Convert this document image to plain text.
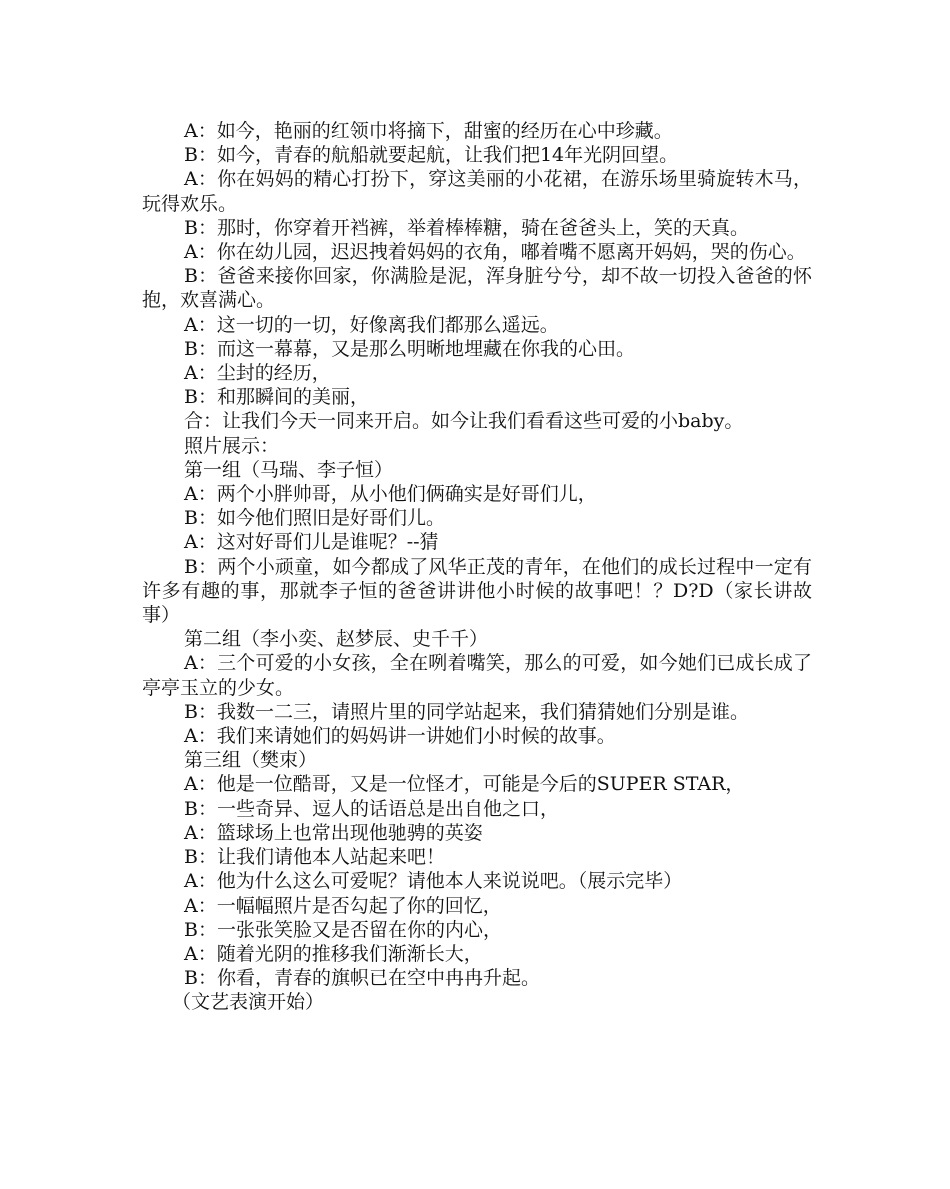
A：如今，艳丽的红领巾将摘下，甜蜜的经历在心中珍藏。

B：如今，青春的航船就要起航，让我们把14年光阴回望。

A：你在妈妈的精心打扮下，穿这美丽的小花裙，在游乐场里骑旋转木马，玩得欢乐。

B：那时，你穿着开裆裤，举着棒棒糖，骑在爸爸头上，笑的天真。

A：你在幼儿园，迟迟拽着妈妈的衣角，嘟着嘴不愿离开妈妈，哭的伤心。

B：爸爸来接你回家，你满脸是泥，浑身脏兮兮，却不故一切投入爸爸的怀抱，欢喜满心。

A：这一切的一切，好像离我们都那么遥远。

B：而这一幕幕，又是那么明晰地埋藏在你我的心田。

A：尘封的经历，

B：和那瞬间的美丽，

合：让我们今天一同来开启。如今让我们看看这些可爱的小baby。

照片展示：

第一组（马瑞、李子恒）

A：两个小胖帅哥，从小他们俩确实是好哥们儿，

B：如今他们照旧是好哥们儿。

A：这对好哥们儿是谁呢？--猜

B：两个小顽童，如今都成了风华正茂的青年，在他们的成长过程中一定有许多有趣的事，那就李子恒的爸爸讲讲他小时候的故事吧！？D?D（家长讲故事）

第二组（李小奕、赵梦辰、史千千）

A：三个可爱的小女孩，全在咧着嘴笑，那么的可爱，如今她们已成长成了亭亭玉立的少女。

B：我数一二三，请照片里的同学站起来，我们猜猜她们分别是谁。

A：我们来请她们的妈妈讲一讲她们小时候的故事。

第三组（樊朿）

A：他是一位酷哥，又是一位怪才，可能是今后的SUPER STAR，

B：一些奇异、逗人的话语总是出自他之口，

A：篮球场上也常出现他驰骋的英姿

B：让我们请他本人站起来吧！

A：他为什么这么可爱呢？请他本人来说说吧。（展示完毕）

A：一幅幅照片是否勾起了你的回忆，

B：一张张笑脸又是否留在你的内心，

A：随着光阴的推移我们渐渐长大，

B：你看，青春的旗帜已在空中冉冉升起。

（文艺表演开始）
